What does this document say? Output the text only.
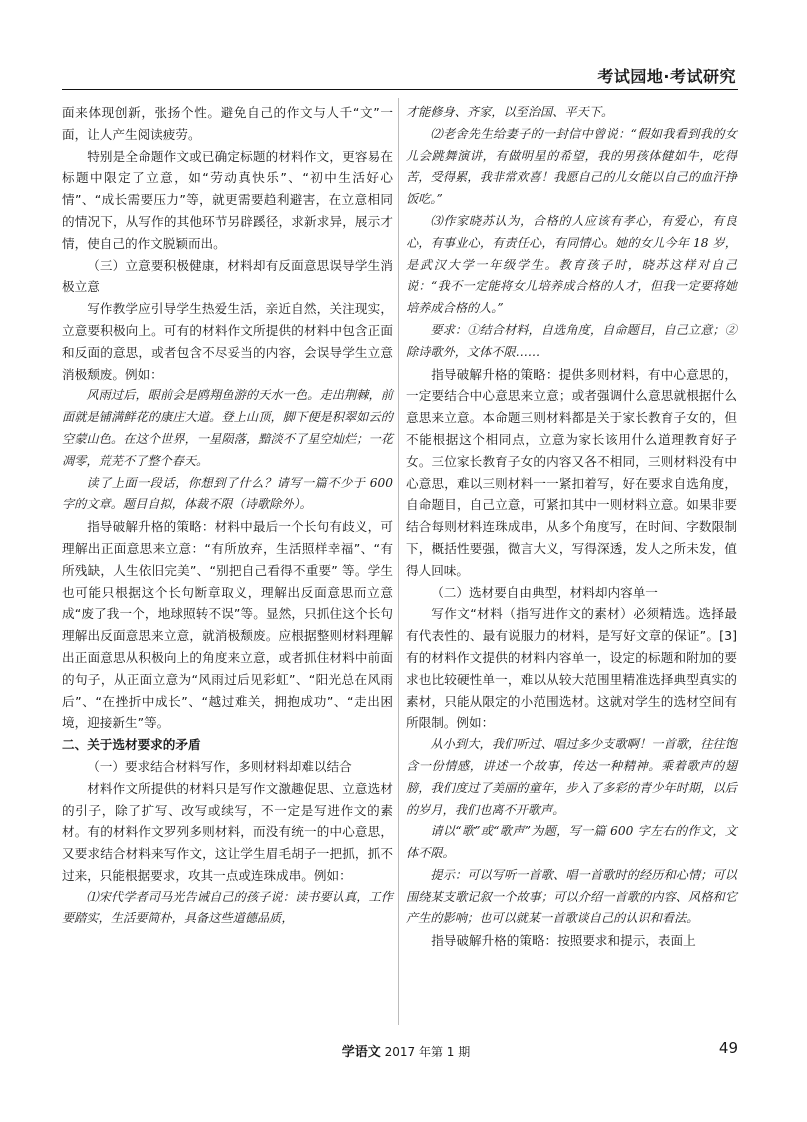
考试园地·考试研究

面来体现创新，张扬个性。避免自己的作文与人千“文”一面，让人产生阅读疲劳。

特别是全命题作文或已确定标题的材料作文，更容易在标题中限定了立意，如“劳动真快乐”、“初中生活好心情”、“成长需要压力”等，就更需要趋利避害，在立意相同的情况下，从写作的其他环节另辟蹊径，求新求异，展示才情，使自己的作文脱颖而出。

（三）立意要积极健康，材料却有反面意思误导学生消极立意

写作教学应引导学生热爱生活，亲近自然，关注现实，立意要积极向上。可有的材料作文所提供的材料中包含正面和反面的意思，或者包含不尽妥当的内容，会误导学生立意消极颓废。例如：

风雨过后，眼前会是鸥翔鱼游的天水一色。走出荆棘，前面就是铺满鲜花的康庄大道。登上山顶，脚下便是积翠如云的空蒙山色。在这个世界，一星陨落，黯淡不了星空灿烂；一花凋零，荒芜不了整个春天。

读了上面一段话，你想到了什么？请写一篇不少于 600 字的文章。题目自拟，体裁不限（诗歌除外）。

指导破解升格的策略：材料中最后一个长句有歧义，可理解出正面意思来立意：“有所放弃，生活照样幸福”、“有所残缺，人生依旧完美”、“别把自己看得不重要” 等。学生也可能只根据这个长句断章取义，理解出反面意思而立意成“废了我一个，地球照转不误”等。显然，只抓住这个长句理解出反面意思来立意，就消极颓废。应根据整则材料理解出正面意思从积极向上的角度来立意，或者抓住材料中前面的句子，从正面立意为“风雨过后见彩虹”、“阳光总在风雨后”、“在挫折中成长”、“越过难关，拥抱成功”、“走出困境，迎接新生”等。

二、关于选材要求的矛盾

（一）要求结合材料写作，多则材料却难以结合

材料作文所提供的材料只是写作文激趣促思、立意选材的引子，除了扩写、改写或续写，不一定是写进作文的素材。有的材料作文罗列多则材料，而没有统一的中心意思，又要求结合材料来写作文，这让学生眉毛胡子一把抓，抓不过来，只能根据要求，攻其一点或连珠成串。例如：

⑴宋代学者司马光告诫自己的孩子说：读书要认真，工作要踏实，生活要简朴，具备这些道德品质，

才能修身、齐家，以至治国、平天下。

⑵老舍先生给妻子的一封信中曾说：“假如我看到我的女儿会跳舞演讲，有做明星的希望，我的男孩体健如牛，吃得苦，受得累，我非常欢喜！我愿自己的儿女能以自己的血汗挣饭吃。”

⑶作家晓苏认为，合格的人应该有孝心，有爱心，有良心，有事业心，有责任心，有同情心。她的女儿今年 18 岁，是武汉大学一年级学生。教育孩子时，晓苏这样对自己说：“我不一定能将女儿培养成合格的人才，但我一定要将她培养成合格的人。”

要求：①结合材料，自选角度，自命题目，自己立意；②除诗歌外，文体不限……

指导破解升格的策略：提供多则材料，有中心意思的，一定要结合中心意思来立意；或者强调什么意思就根据什么意思来立意。本命题三则材料都是关于家长教育子女的，但不能根据这个相同点，立意为家长该用什么道理教育好子女。三位家长教育子女的内容又各不相同，三则材料没有中心意思，难以三则材料一一紧扣着写，好在要求自选角度，自命题目，自己立意，可紧扣其中一则材料立意。如果非要结合每则材料连珠成串，从多个角度写，在时间、字数限制下，概括性要强，微言大义，写得深透，发人之所未发，值得人回味。

（二）选材要自由典型，材料却内容单一

写作文“材料（指写进作文的素材）必须精选。选择最有代表性的、最有说服力的材料，是写好文章的保证”。[3] 有的材料作文提供的材料内容单一，设定的标题和附加的要求也比较硬性单一，难以从较大范围里精准选择典型真实的素材，只能从限定的小范围选材。这就对学生的选材空间有所限制。例如：

从小到大，我们听过、唱过多少支歌啊！一首歌，往往饱含一份情感，讲述一个故事，传达一种精神。乘着歌声的翅膀，我们度过了美丽的童年，步入了多彩的青少年时期，以后的岁月，我们也离不开歌声。

请以“歌”或“歌声”为题，写一篇 600 字左右的作文，文体不限。

提示：可以写听一首歌、唱一首歌时的经历和心情；可以围绕某支歌记叙一个故事；可以介绍一首歌的内容、风格和它产生的影响；也可以就某一首歌谈自己的认识和看法。

指导破解升格的策略：按照要求和提示，表面上

学语文 2017 年第 1 期	49
